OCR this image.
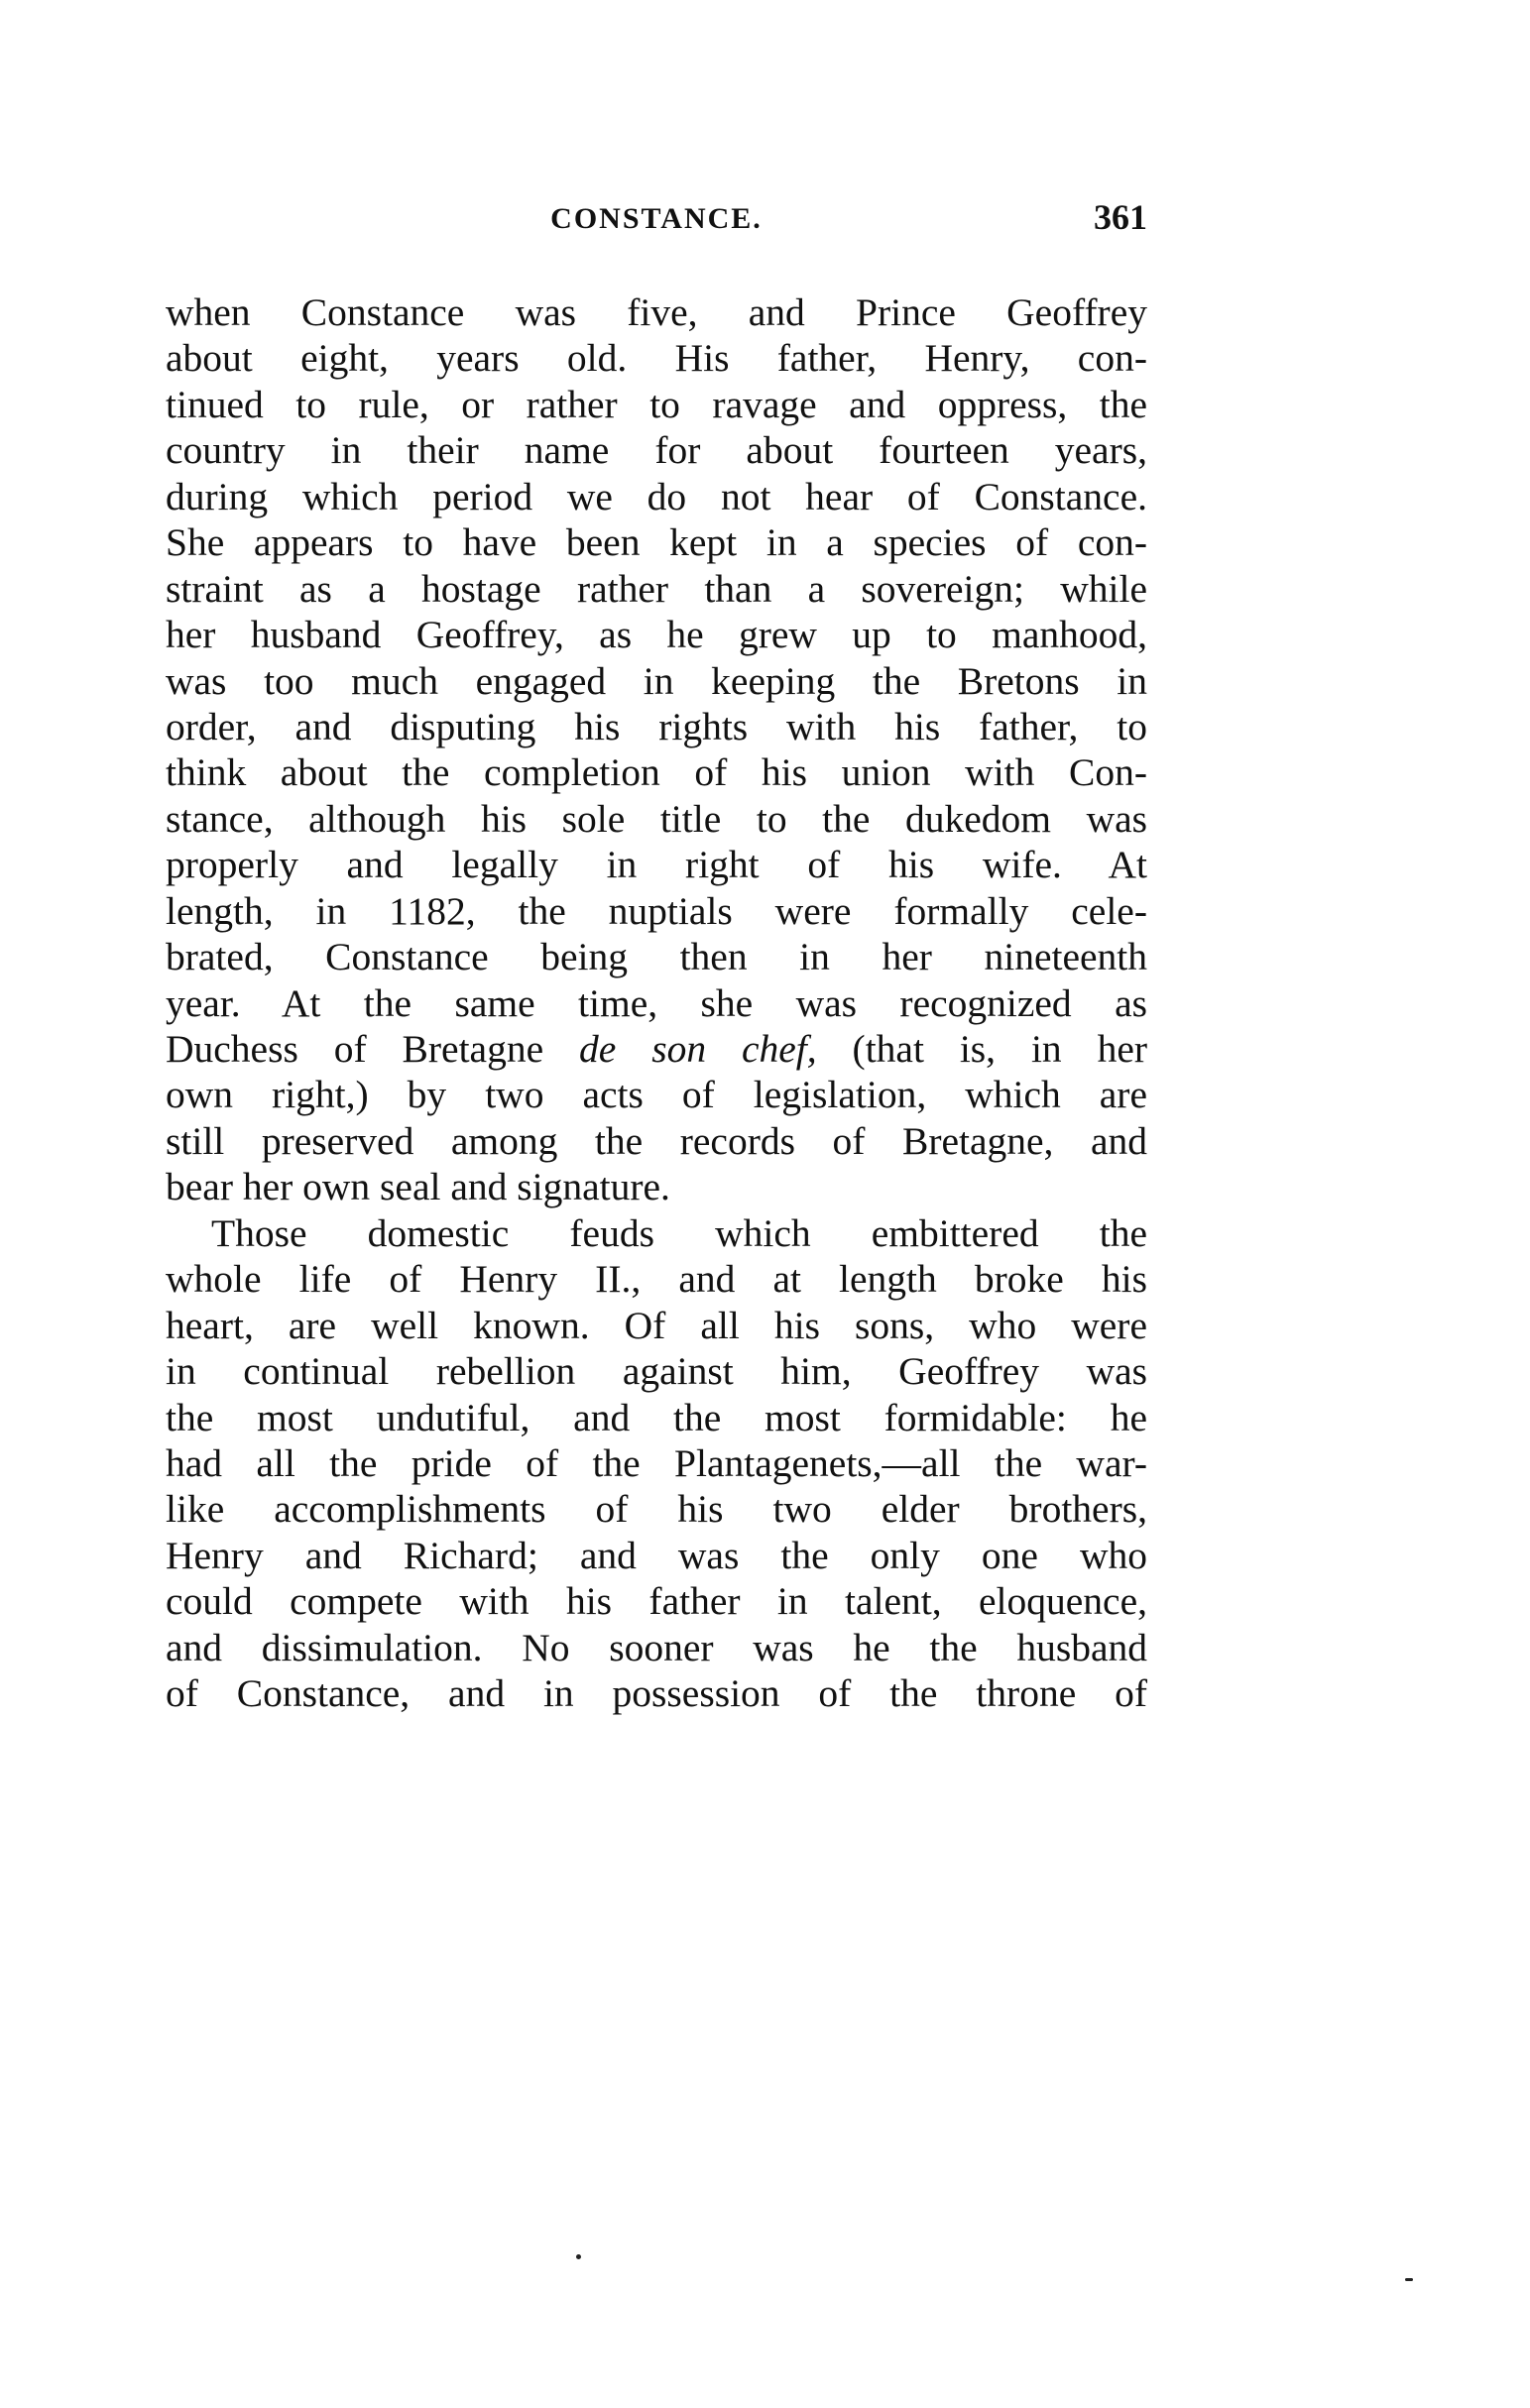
CONSTANCE.	361
when Constance was five, and Prince Geoffrey
about eight, years old. His father, Henry, con-
tinued to rule, or rather to ravage and oppress, the
country in their name for about fourteen years,
during which period we do not hear of Constance.
She appears to have been kept in a species of con-
straint as a hostage rather than a sovereign; while
her husband Geoffrey, as he grew up to manhood,
was too much engaged in keeping the Bretons in
order, and disputing his rights with his father, to
think about the completion of his union with Con-
stance, although his sole title to the dukedom was
properly and legally in right of his wife. At
length, in 1182, the nuptials were formally cele-
brated, Constance being then in her nineteenth
year. At the same time, she was recognized as
Duchess of Bretagne de son chef, (that is, in her
own right,) by two acts of legislation, which are
still preserved among the records of Bretagne, and
bear her own seal and signature.
Those domestic feuds which embittered the
whole life of Henry II., and at length broke his
heart, are well known. Of all his sons, who were
in continual rebellion against him, Geoffrey was
the most undutiful, and the most formidable: he
had all the pride of the Plantagenets,—all the war-
like accomplishments of his two elder brothers,
Henry and Richard; and was the only one who
could compete with his father in talent, eloquence,
and dissimulation. No sooner was he the husband
of Constance, and in possession of the throne of
